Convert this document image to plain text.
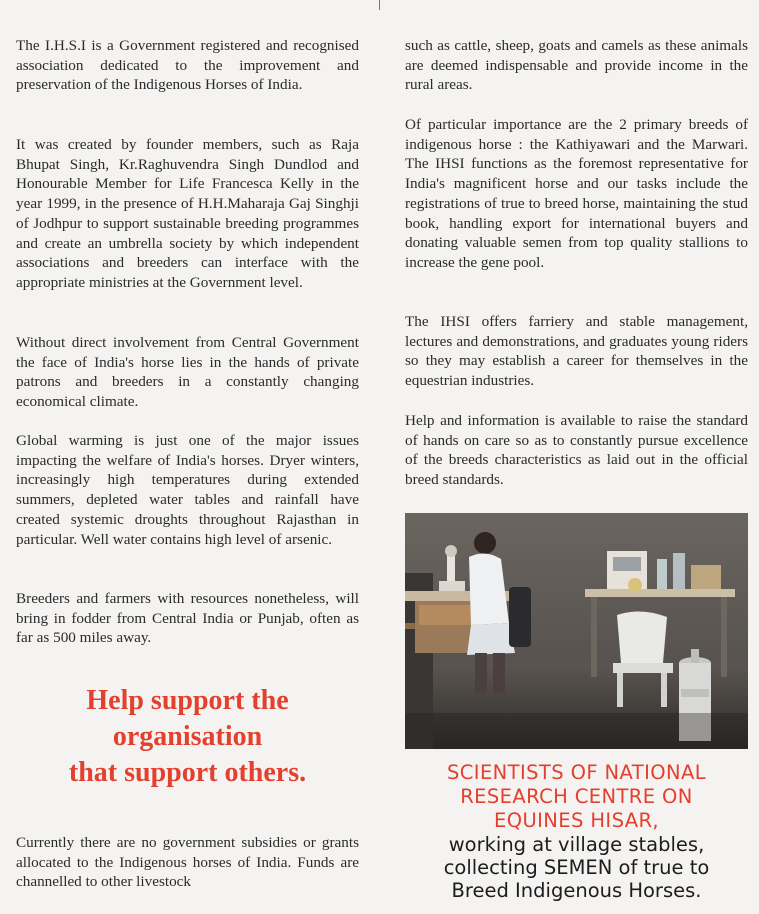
The I.H.S.I is a Government registered and recognised association dedicated to the improvement and preservation of the Indigenous Horses of India.

It was created by founder members, such as Raja Bhupat Singh, Kr.Raghuvendra Singh Dundlod and Honourable Member for Life Francesca Kelly in the year 1999, in the presence of H.H.Maharaja Gaj Singhji of Jodhpur to support sustainable breeding programmes and create an umbrella society by which independent associations and breeders can interface with the appropriate ministries at the Government level.

Without direct involvement from Central Government the face of India's horse lies in the hands of private patrons and breeders in a constantly changing economical climate.

Global warming is just one of the major issues impacting the welfare of India's horses. Dryer winters, increasingly high temperatures during extended summers, depleted water tables and rainfall have created systemic droughts throughout Rajasthan in particular. Well water contains high level of arsenic.

Breeders and farmers with resources nonetheless, will bring in fodder from Central India or Punjab, often as far as 500 miles away.

Help support the
organisation
that support others.

Currently there are no government subsidies or grants allocated to the Indigenous horses of India. Funds are channelled to other livestock

such as cattle, sheep, goats and camels as these animals are deemed indispensable and provide income in the rural areas.

Of particular importance are the 2 primary breeds of indigenous horse : the Kathiyawari and the Marwari. The IHSI functions as the foremost representative for India's magnificent horse and our tasks include the registrations of true to breed horse, maintaining the stud book, handling export for international buyers and donating valuable semen from top quality stallions to increase the gene pool.

The IHSI offers farriery and stable management, lectures and demonstrations, and graduates young riders so they may establish a career for themselves in the equestrian industries.

Help and information is available to raise the standard of hands on care so as to constantly pursue excellence of the breeds characteristics as laid out in the official breed standards.

SCIENTISTS OF NATIONAL
RESEARCH CENTRE ON
EQUINES HISAR,
working at village stables,
collecting SEMEN of true to
Breed Indigenous Horses.
